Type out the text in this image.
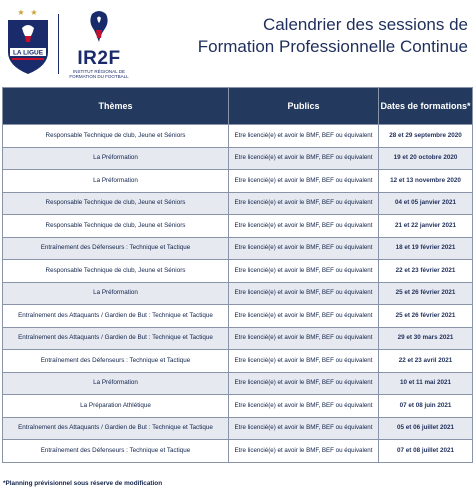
★ ★
LA LIGUE	IR2F
INSTITUT RÉGIONAL DE FORMATION DU FOOTBALL
Calendrier des sessions de
Formation Professionnelle Continue
Thèmes	Publics	Dates de formations*
Responsable Technique de club, Jeune et Séniors	Etre licencié(e) et avoir le BMF, BEF ou équivalent	28 et 29 septembre 2020
La Préformation	Etre licencié(e) et avoir le BMF, BEF ou équivalent	19 et 20 octobre 2020
La Préformation	Etre licencié(e) et avoir le BMF, BEF ou équivalent	12 et 13 novembre 2020
Responsable Technique de club, Jeune et Séniors	Etre licencié(e) et avoir le BMF, BEF ou équivalent	04 et 05 janvier 2021
Responsable Technique de club, Jeune et Séniors	Etre licencié(e) et avoir le BMF, BEF ou équivalent	21 et 22 janvier 2021
Entraînement des Défenseurs : Technique et Tactique	Etre licencié(e) et avoir le BMF, BEF ou équivalent	18 et 19 février 2021
Responsable Technique de club, Jeune et Séniors	Etre licencié(e) et avoir le BMF, BEF ou équivalent	22 et 23 février 2021
La Préformation	Etre licencié(e) et avoir le BMF, BEF ou équivalent	25 et 26 février 2021
Entraînement des Attaquants / Gardien de But : Technique et Tactique	Etre licencié(e) et avoir le BMF, BEF ou équivalent	25 et 26 février 2021
Entraînement des Attaquants / Gardien de But : Technique et Tactique	Etre licencié(e) et avoir le BMF, BEF ou équivalent	29 et 30 mars 2021
Entraînement des Défenseurs : Technique et Tactique	Etre licencié(e) et avoir le BMF, BEF ou équivalent	22 et 23 avril 2021
La Préformation	Etre licencié(e) et avoir le BMF, BEF ou équivalent	10 et 11 mai 2021
La Préparation Athlétique	Etre licencié(e) et avoir le BMF, BEF ou équivalent	07 et 08 juin 2021
Entraînement des Attaquants / Gardien de But : Technique et Tactique	Etre licencié(e) et avoir le BMF, BEF ou équivalent	05 et 06 juillet 2021
Entraînement des Défenseurs : Technique et Tactique	Etre licencié(e) et avoir le BMF, BEF ou équivalent	07 et 08 juillet 2021
*Planning prévisionnel sous réserve de modification
